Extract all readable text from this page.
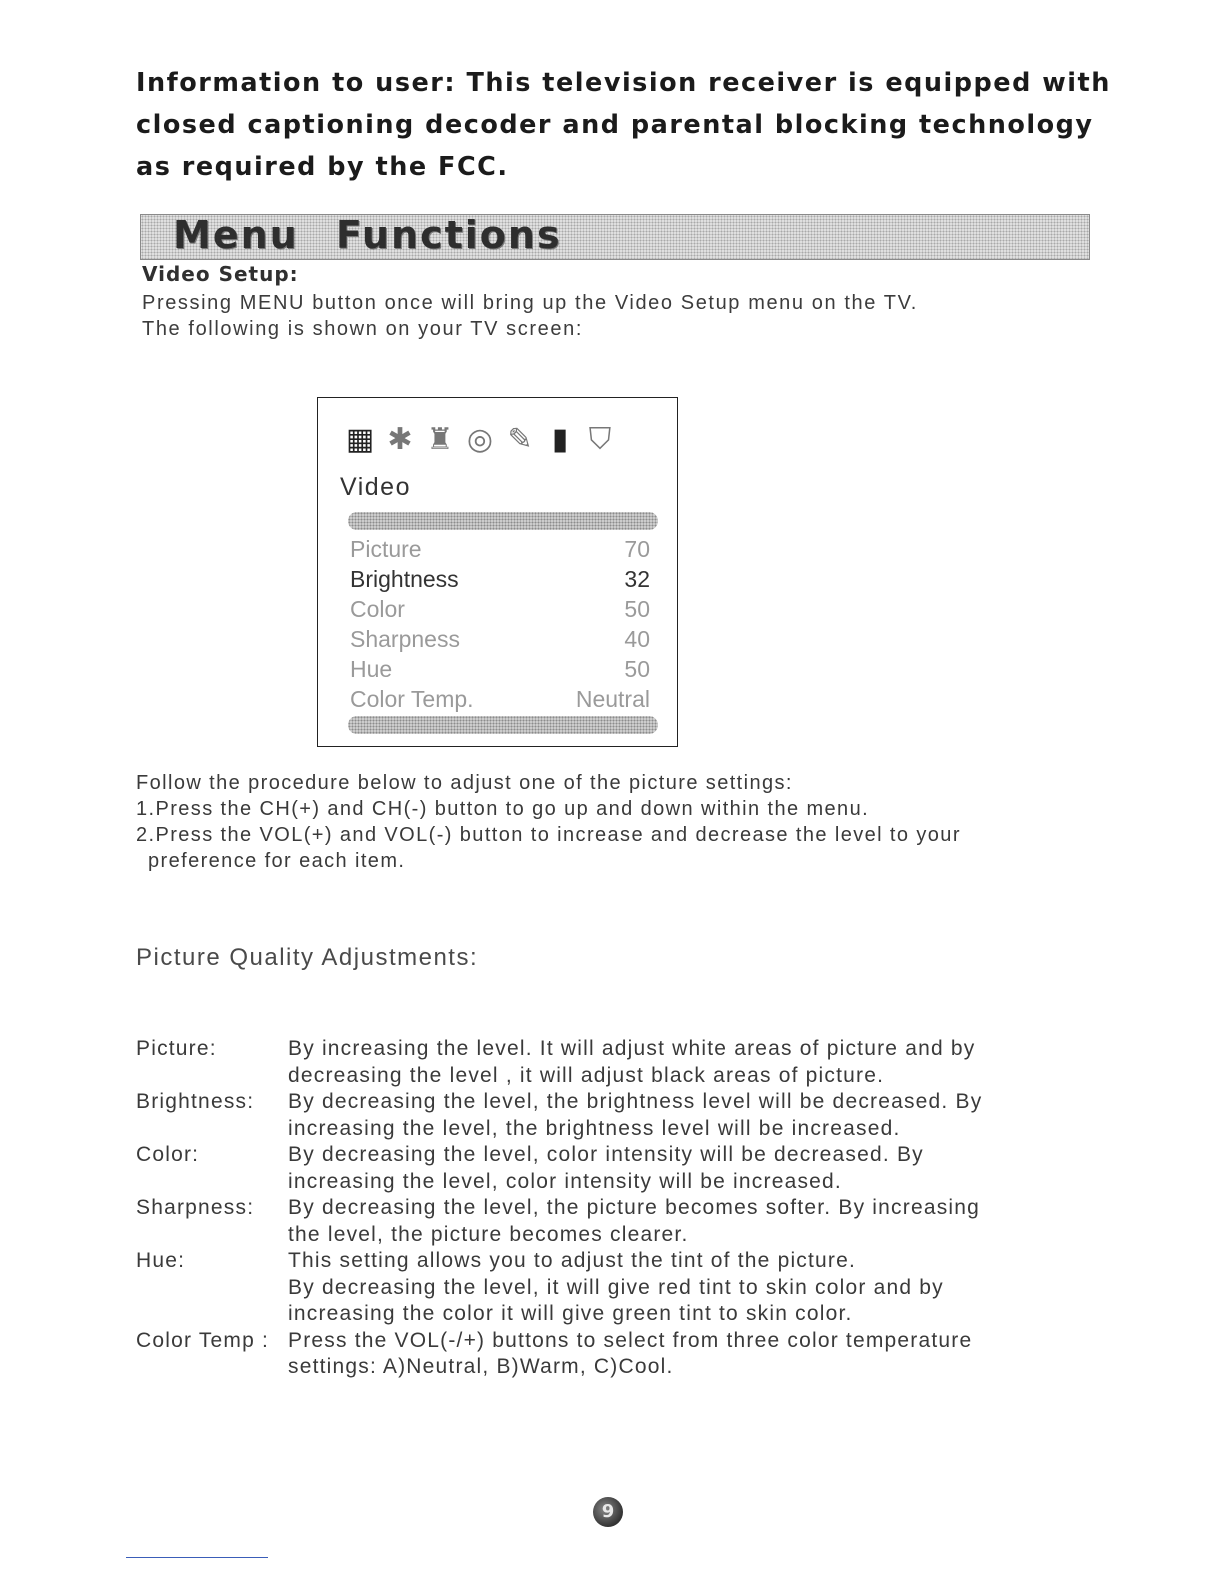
Information to user: This television receiver is equipped with
closed captioning decoder and parental blocking technology
as required by the FCC.
Menu Functions
Video Setup:
Pressing MENU button once will bring up the Video Setup menu on the TV.
The following is shown on your TV screen:
▦ ✱ ♜ ◎ ✎ ▮ ⛉
Video
Picture	70
Brightness	32
Color	50
Sharpness	40
Hue	50
Color Temp.	Neutral
Follow the procedure below to adjust one of the picture settings:
1.Press the CH(+) and CH(-) button to go up and down within the menu.
2.Press the VOL(+) and VOL(-) button to increase and decrease the level to your
preference for each item.
Picture Quality Adjustments:
Picture:	By increasing the level. It will adjust white areas of picture and by
decreasing the level , it will adjust black areas of picture.
Brightness:	By decreasing the level, the brightness level will be decreased. By
increasing the level, the brightness level will be increased.
Color:	By decreasing the level, color intensity will be decreased. By
increasing the level, color intensity will be increased.
Sharpness:	By decreasing the level, the picture becomes softer. By increasing
the level, the picture becomes clearer.
Hue:	This setting allows you to adjust the tint of the picture.
By decreasing the level, it will give red tint to skin color and by
increasing the color it will give green tint to skin color.
Color Temp : Press the VOL(-/+) buttons to select from three color temperature
settings: A)Neutral, B)Warm, C)Cool.
9
